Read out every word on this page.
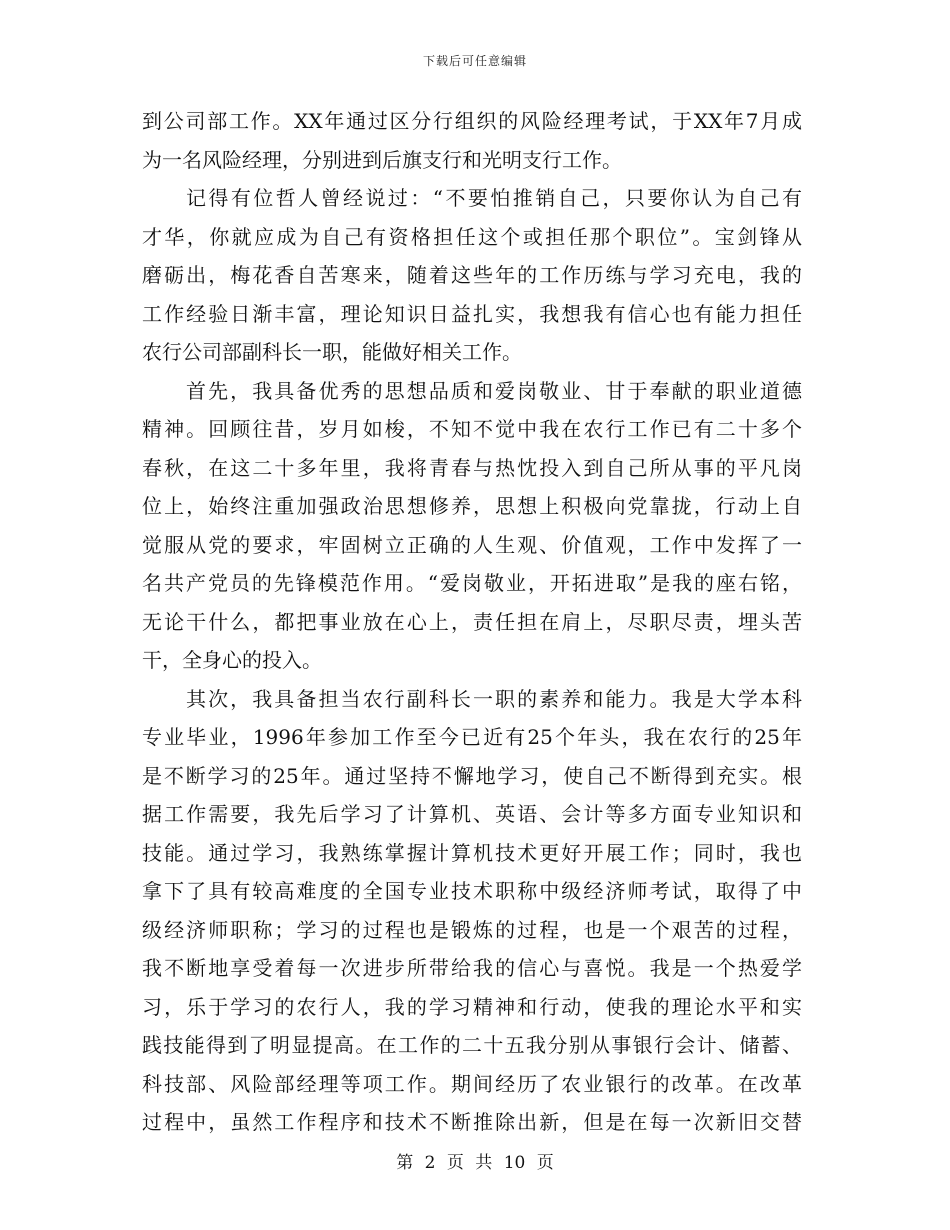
下载后可任意编辑
到公司部工作。XX年通过区分行组织的风险经理考试，于XX年7月成
为一名风险经理，分别进到后旗支行和光明支行工作。
记得有位哲人曾经说过：“不要怕推销自己，只要你认为自己有
才华，你就应成为自己有资格担任这个或担任那个职位”。宝剑锋从
磨砺出，梅花香自苦寒来，随着这些年的工作历练与学习充电，我的
工作经验日渐丰富，理论知识日益扎实，我想我有信心也有能力担任
农行公司部副科长一职，能做好相关工作。
首先，我具备优秀的思想品质和爱岗敬业、甘于奉献的职业道德
精神。回顾往昔，岁月如梭，不知不觉中我在农行工作已有二十多个
春秋，在这二十多年里，我将青春与热忱投入到自己所从事的平凡岗
位上，始终注重加强政治思想修养，思想上积极向党靠拢，行动上自
觉服从党的要求，牢固树立正确的人生观、价值观，工作中发挥了一
名共产党员的先锋模范作用。“爱岗敬业，开拓进取”是我的座右铭，
无论干什么，都把事业放在心上，责任担在肩上，尽职尽责，埋头苦
干，全身心的投入。
其次，我具备担当农行副科长一职的素养和能力。我是大学本科
专业毕业，1996年参加工作至今已近有25个年头，我在农行的25年
是不断学习的25年。通过坚持不懈地学习，使自己不断得到充实。根
据工作需要，我先后学习了计算机、英语、会计等多方面专业知识和
技能。通过学习，我熟练掌握计算机技术更好开展工作；同时，我也
拿下了具有较高难度的全国专业技术职称中级经济师考试，取得了中
级经济师职称；学习的过程也是锻炼的过程，也是一个艰苦的过程，
我不断地享受着每一次进步所带给我的信心与喜悦。我是一个热爱学
习，乐于学习的农行人，我的学习精神和行动，使我的理论水平和实
践技能得到了明显提高。在工作的二十五我分别从事银行会计、储蓄、
科技部、风险部经理等项工作。期间经历了农业银行的改革。在改革
过程中，虽然工作程序和技术不断推除出新，但是在每一次新旧交替
第 2 页 共 10 页
